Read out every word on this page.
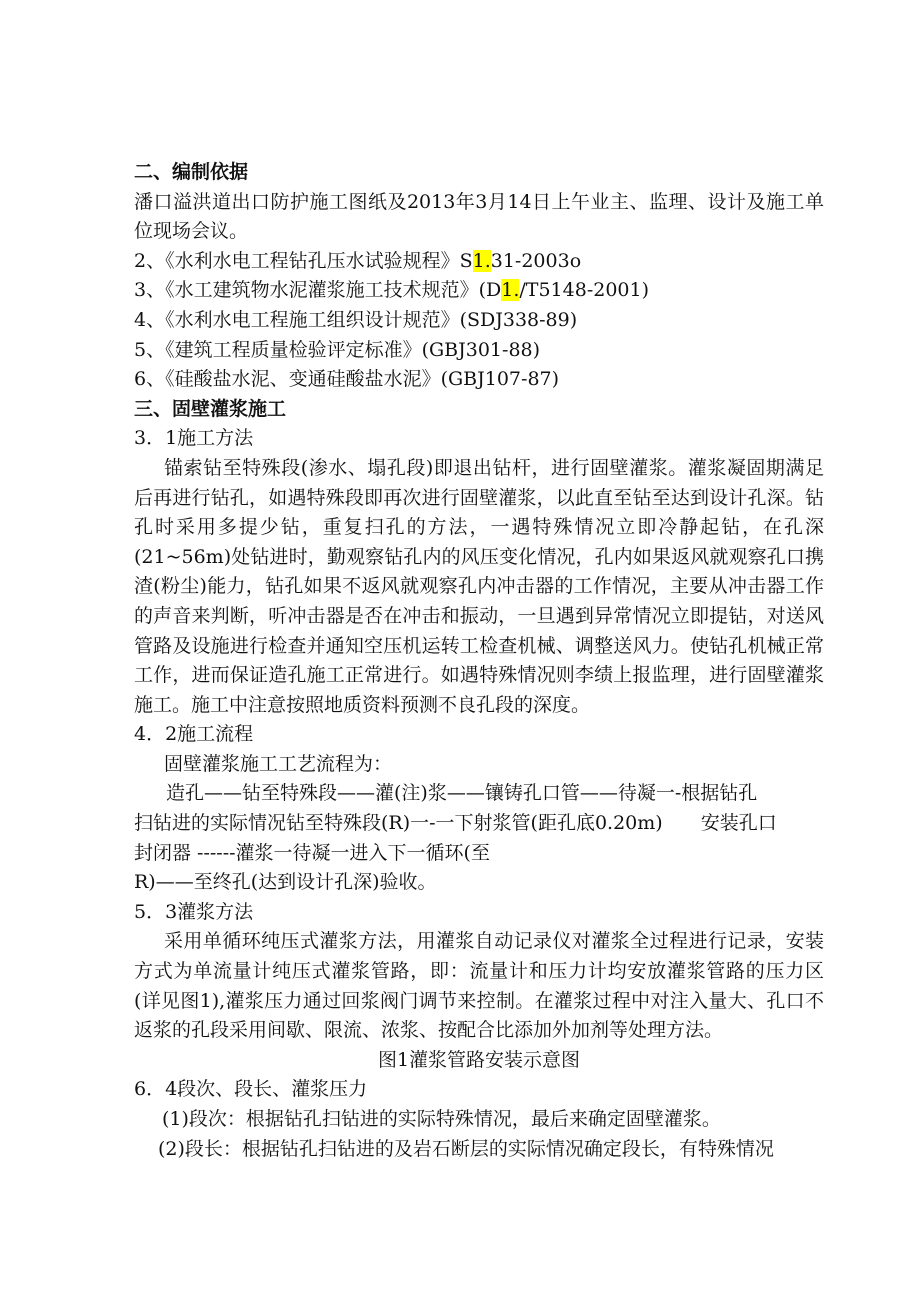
二、编制依据
潘口溢洪道出口防护施工图纸及2013年3月14日上午业主、监理、设计及施工单位现场会议。
2、《水利水电工程钻孔压水试验规程》S1.31-2003o
3、《水工建筑物水泥灌浆施工技术规范》(D1./T5148-2001)
4、《水利水电工程施工组织设计规范》(SDJ338-89)
5、《建筑工程质量检验评定标准》(GBJ301-88)
6、《硅酸盐水泥、变通硅酸盐水泥》(GBJ107-87)
三、固壁灌浆施工
3．1施工方法
锚索钻至特殊段(渗水、塌孔段)即退出钻杆，进行固壁灌浆。灌浆凝固期满足后再进行钻孔，如遇特殊段即再次进行固壁灌浆，以此直至钻至达到设计孔深。钻孔时采用多提少钻，重复扫孔的方法，一遇特殊情况立即冷静起钻，在孔深(21~56m)处钻进时，勤观察钻孔内的风压变化情况，孔内如果返风就观察孔口携渣(粉尘)能力，钻孔如果不返风就观察孔内冲击器的工作情况，主要从冲击器工作的声音来判断，听冲击器是否在冲击和振动，一旦遇到异常情况立即提钻，对送风管路及设施进行检查并通知空压机运转工检查机械、调整送风力。使钻孔机械正常工作，进而保证造孔施工正常进行。如遇特殊情况则李绩上报监理，进行固壁灌浆施工。施工中注意按照地质资料预测不良孔段的深度。
4．2施工流程
固壁灌浆施工工艺流程为：
造孔——钻至特殊段——灌(注)浆——镶铸孔口管——待凝一-根据钻孔
扫钻进的实际情况钻至特殊段(R)一-一下射浆管(距孔底0.20m)　　安装孔口
封闭器 ------灌浆一待凝一进入下一循环(至
R)——至终孔(达到设计孔深)验收。
5．3灌浆方法
采用单循环纯压式灌浆方法，用灌浆自动记录仪对灌浆全过程进行记录，安装方式为单流量计纯压式灌浆管路，即：流量计和压力计均安放灌浆管路的压力区(详见图1),灌浆压力通过回浆阀门调节来控制。在灌浆过程中对注入量大、孔口不返浆的孔段采用间歇、限流、浓浆、按配合比添加外加剂等处理方法。
图1灌浆管路安装示意图
6．4段次、段长、灌浆压力
(1)段次：根据钻孔扫钻进的实际特殊情况，最后来确定固壁灌浆。
(2)段长：根据钻孔扫钻进的及岩石断层的实际情况确定段长，有特殊情况
